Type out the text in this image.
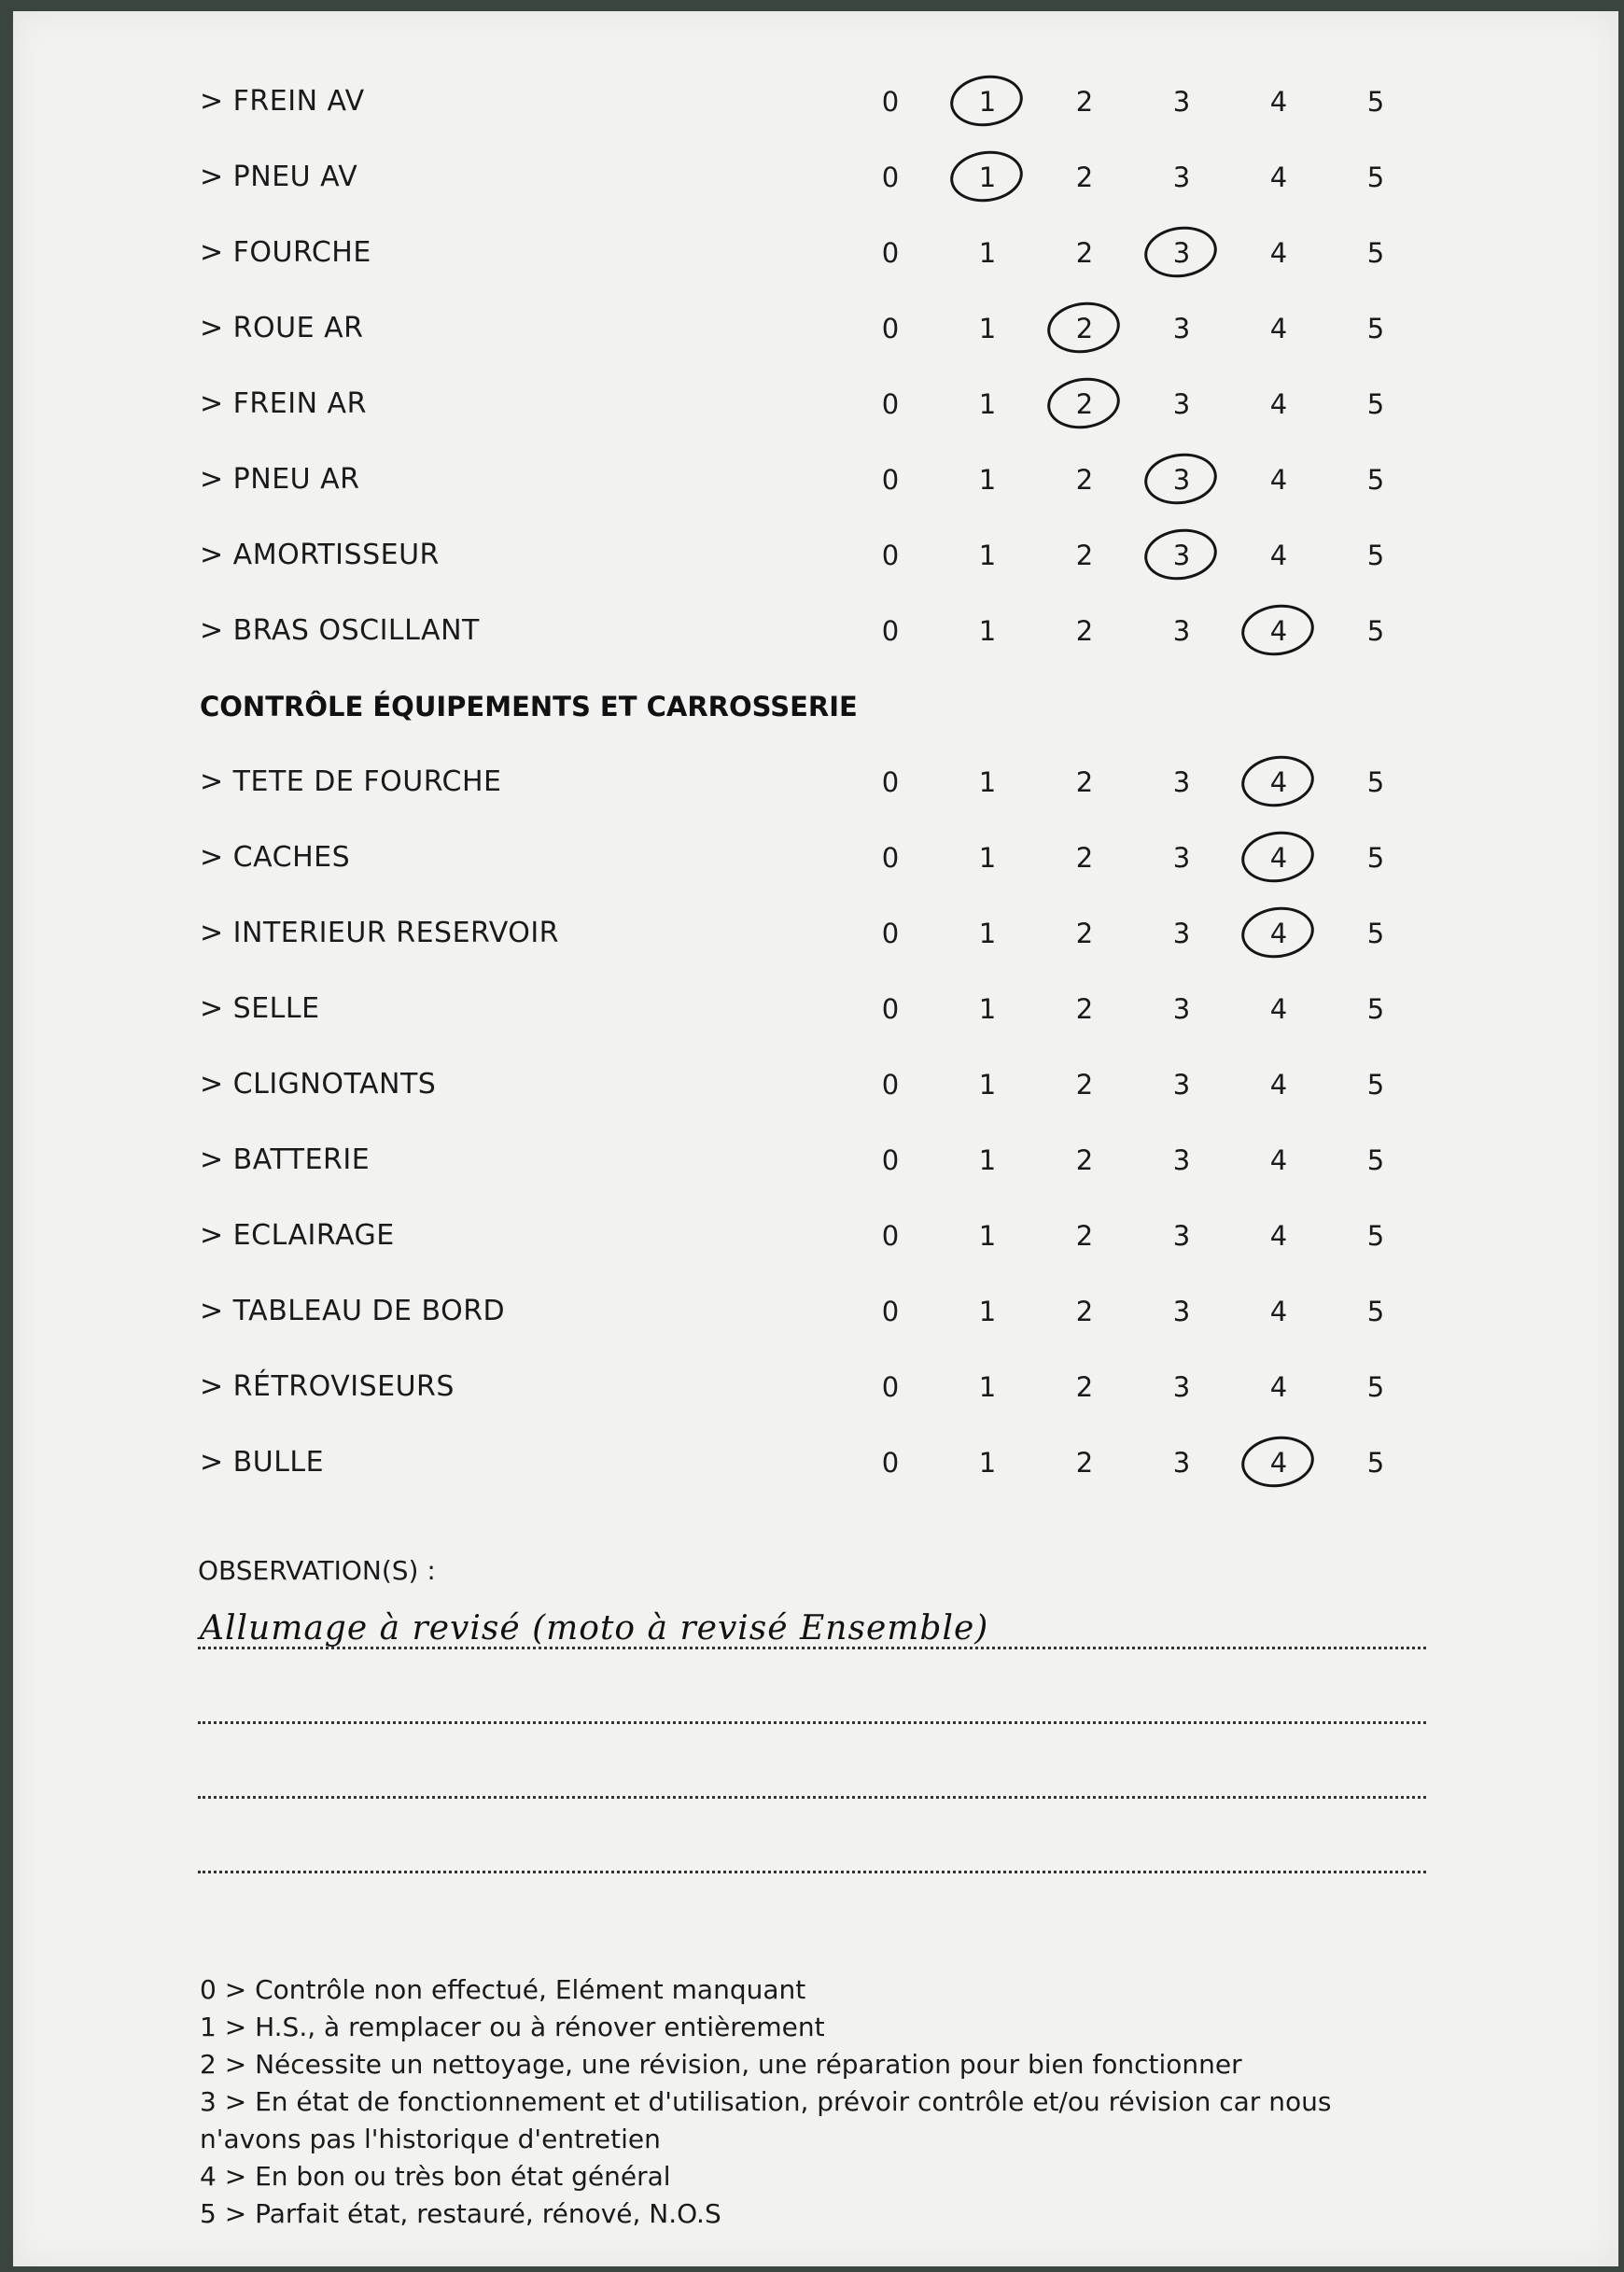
> FREIN AV	0	1	2	3	4	5
> PNEU AV	0	1	2	3	4	5
> FOURCHE	0	1	2	3	4	5
> ROUE AR	0	1	2	3	4	5
> FREIN AR	0	1	2	3	4	5
> PNEU AR	0	1	2	3	4	5
> AMORTISSEUR	0	1	2	3	4	5
> BRAS OSCILLANT	0	1	2	3	4	5
CONTRÔLE ÉQUIPEMENTS ET CARROSSERIE
> TETE DE FOURCHE	0	1	2	3	4	5
> CACHES	0	1	2	3	4	5
> INTERIEUR RESERVOIR	0	1	2	3	4	5
> SELLE	0	1	2	3	4	5
> CLIGNOTANTS	0	1	2	3	4	5
> BATTERIE	0	1	2	3	4	5
> ECLAIRAGE	0	1	2	3	4	5
> TABLEAU DE BORD	0	1	2	3	4	5
> RÉTROVISEURS	0	1	2	3	4	5
> BULLE	0	1	2	3	4	5
OBSERVATION(S) :
Allumage à revisé (moto à revisé Ensemble)
0 > Contrôle non effectué, Elément manquant
1 > H.S., à remplacer ou à rénover entièrement
2 > Nécessite un nettoyage, une révision, une réparation pour bien fonctionner
3 > En état de fonctionnement et d'utilisation, prévoir contrôle et/ou révision car nous n'avons pas l'historique d'entretien
4 > En bon ou très bon état général
5 > Parfait état, restauré, rénové, N.O.S
